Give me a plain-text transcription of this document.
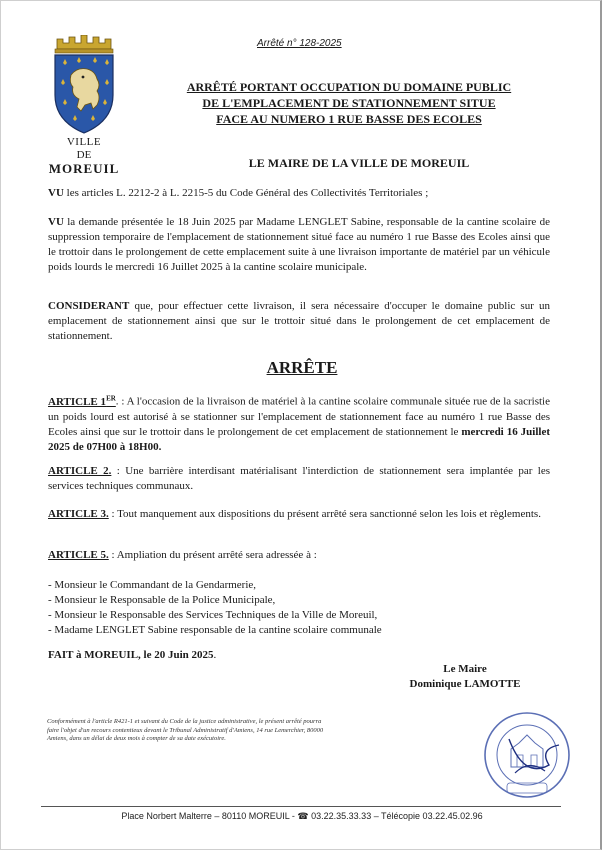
Arrêté n° 128-2025
VILLE
DE
MOREUIL
ARRÊTÉ PORTANT OCCUPATION DU DOMAINE PUBLIC
DE L'EMPLACEMENT DE STATIONNEMENT SITUE
FACE AU NUMERO 1 RUE BASSE DES ECOLES
LE MAIRE DE LA VILLE DE MOREUIL

VU les articles L. 2212-2 à L. 2215-5 du Code Général des Collectivités Territoriales ;

VU la demande présentée le 18 Juin 2025 par Madame LENGLET Sabine, responsable de la cantine scolaire de suppression temporaire de l'emplacement de stationnement situé face au numéro 1 rue Basse des Ecoles ainsi que le trottoir dans le prolongement de cette emplacement suite à une livraison importante de matériel par un véhicule poids lourds le mercredi 16 Juillet 2025 à la cantine scolaire municipale.

CONSIDERANT que, pour effectuer cette livraison, il sera nécessaire d'occuper le domaine public sur un emplacement de stationnement ainsi que sur le trottoir situé dans le prolongement de cet emplacement de stationnement.

ARRÊTE

ARTICLE 1ER. : A l'occasion de la livraison de matériel à la cantine scolaire communale située rue de la sacristie un poids lourd est autorisé à se stationner sur l'emplacement de stationnement face au numéro 1 rue Basse des Ecoles ainsi que sur le trottoir dans le prolongement de cet emplacement de stationnement le mercredi 16 Juillet 2025 de 07H00 à 18H00.

ARTICLE 2. : Une barrière interdisant matérialisant l'interdiction de stationnement sera implantée par les services techniques communaux.

ARTICLE 3. : Tout manquement aux dispositions du présent arrêté sera sanctionné selon les lois et règlements.

ARTICLE 5. : Ampliation du présent arrêté sera adressée à :

- Monsieur le Commandant de la Gendarmerie,
- Monsieur le Responsable de la Police Municipale,
- Monsieur le Responsable des Services Techniques de la Ville de Moreuil,
- Madame LENGLET Sabine responsable de la cantine scolaire communale
FAIT à MOREUIL, le 20 Juin 2025.
Le Maire
Dominique LAMOTTE
Conformément à l'article R421-1 et suivant du Code de la justice administrative, le présent arrêté pourra faire l'objet d'un recours contentieux devant le Tribunal Administratif d'Amiens, 14 rue Lemerchier, 80000 Amiens, dans un délai de deux mois à compter de sa date exécutoire.
Place Norbert Malterre – 80110 MOREUIL - ☎ 03.22.35.33.33 – Télécopie 03.22.45.02.96
